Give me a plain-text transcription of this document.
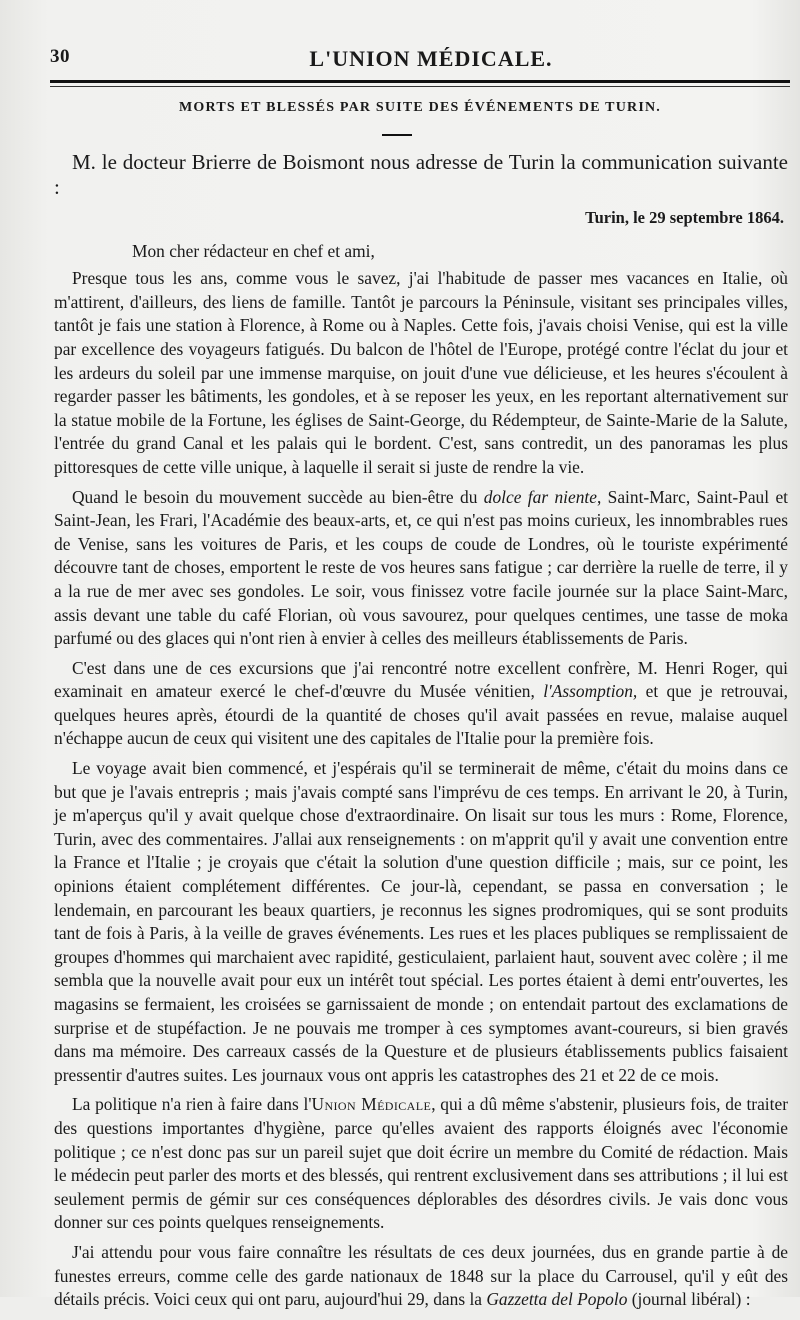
30	L'UNION MÉDICALE.
MORTS ET BLESSÉS PAR SUITE DES ÉVÉNEMENTS DE TURIN.

M. le docteur Brierre de Boismont nous adresse de Turin la communication suivante :

Turin, le 29 septembre 1864.
Mon cher rédacteur en chef et ami,

Presque tous les ans, comme vous le savez, j'ai l'habitude de passer mes vacances en Italie, où m'attirent, d'ailleurs, des liens de famille. Tantôt je parcours la Péninsule, visitant ses principales villes, tantôt je fais une station à Florence, à Rome ou à Naples. Cette fois, j'avais choisi Venise, qui est la ville par excellence des voyageurs fatigués. Du balcon de l'hôtel de l'Europe, protégé contre l'éclat du jour et les ardeurs du soleil par une immense marquise, on jouit d'une vue délicieuse, et les heures s'écoulent à regarder passer les bâtiments, les gondoles, et à se reposer les yeux, en les reportant alternativement sur la statue mobile de la Fortune, les églises de Saint-George, du Rédempteur, de Sainte-Marie de la Salute, l'entrée du grand Canal et les palais qui le bordent. C'est, sans contredit, un des panoramas les plus pittoresques de cette ville unique, à laquelle il serait si juste de rendre la vie.

Quand le besoin du mouvement succède au bien-être du dolce far niente, Saint-Marc, Saint-Paul et Saint-Jean, les Frari, l'Académie des beaux-arts, et, ce qui n'est pas moins curieux, les innombrables rues de Venise, sans les voitures de Paris, et les coups de coude de Londres, où le touriste expérimenté découvre tant de choses, emportent le reste de vos heures sans fatigue ; car derrière la ruelle de terre, il y a la rue de mer avec ses gondoles. Le soir, vous finissez votre facile journée sur la place Saint-Marc, assis devant une table du café Florian, où vous savourez, pour quelques centimes, une tasse de moka parfumé ou des glaces qui n'ont rien à envier à celles des meilleurs établissements de Paris.

C'est dans une de ces excursions que j'ai rencontré notre excellent confrère, M. Henri Roger, qui examinait en amateur exercé le chef-d'œuvre du Musée vénitien, l'Assomption, et que je retrouvai, quelques heures après, étourdi de la quantité de choses qu'il avait passées en revue, malaise auquel n'échappe aucun de ceux qui visitent une des capitales de l'Italie pour la première fois.

Le voyage avait bien commencé, et j'espérais qu'il se terminerait de même, c'était du moins dans ce but que je l'avais entrepris ; mais j'avais compté sans l'imprévu de ces temps. En arrivant le 20, à Turin, je m'aperçus qu'il y avait quelque chose d'extraordinaire. On lisait sur tous les murs : Rome, Florence, Turin, avec des commentaires. J'allai aux renseignements : on m'apprit qu'il y avait une convention entre la France et l'Italie ; je croyais que c'était la solution d'une question difficile ; mais, sur ce point, les opinions étaient complétement différentes. Ce jour-là, cependant, se passa en conversation ; le lendemain, en parcourant les beaux quartiers, je reconnus les signes prodromiques, qui se sont produits tant de fois à Paris, à la veille de graves événements. Les rues et les places publiques se remplissaient de groupes d'hommes qui marchaient avec rapidité, gesticulaient, parlaient haut, souvent avec colère ; il me sembla que la nouvelle avait pour eux un intérêt tout spécial. Les portes étaient à demi entr'ouvertes, les magasins se fermaient, les croisées se garnissaient de monde ; on entendait partout des exclamations de surprise et de stupéfaction. Je ne pouvais me tromper à ces symptomes avant-coureurs, si bien gravés dans ma mémoire. Des carreaux cassés de la Questure et de plusieurs établissements publics faisaient pressentir d'autres suites. Les journaux vous ont appris les catastrophes des 21 et 22 de ce mois.

La politique n'a rien à faire dans l'Union Médicale, qui a dû même s'abstenir, plusieurs fois, de traiter des questions importantes d'hygiène, parce qu'elles avaient des rapports éloignés avec l'économie politique ; ce n'est donc pas sur un pareil sujet que doit écrire un membre du Comité de rédaction. Mais le médecin peut parler des morts et des blessés, qui rentrent exclusivement dans ses attributions ; il lui est seulement permis de gémir sur ces conséquences déplorables des désordres civils. Je vais donc vous donner sur ces points quelques renseignements.

J'ai attendu pour vous faire connaître les résultats de ces deux journées, dus en grande partie à de funestes erreurs, comme celle des garde nationaux de 1848 sur la place du Carrousel, qu'il y eût des détails précis. Voici ceux qui ont paru, aujourd'hui 29, dans la Gazzetta del Popolo (journal libéral) :
